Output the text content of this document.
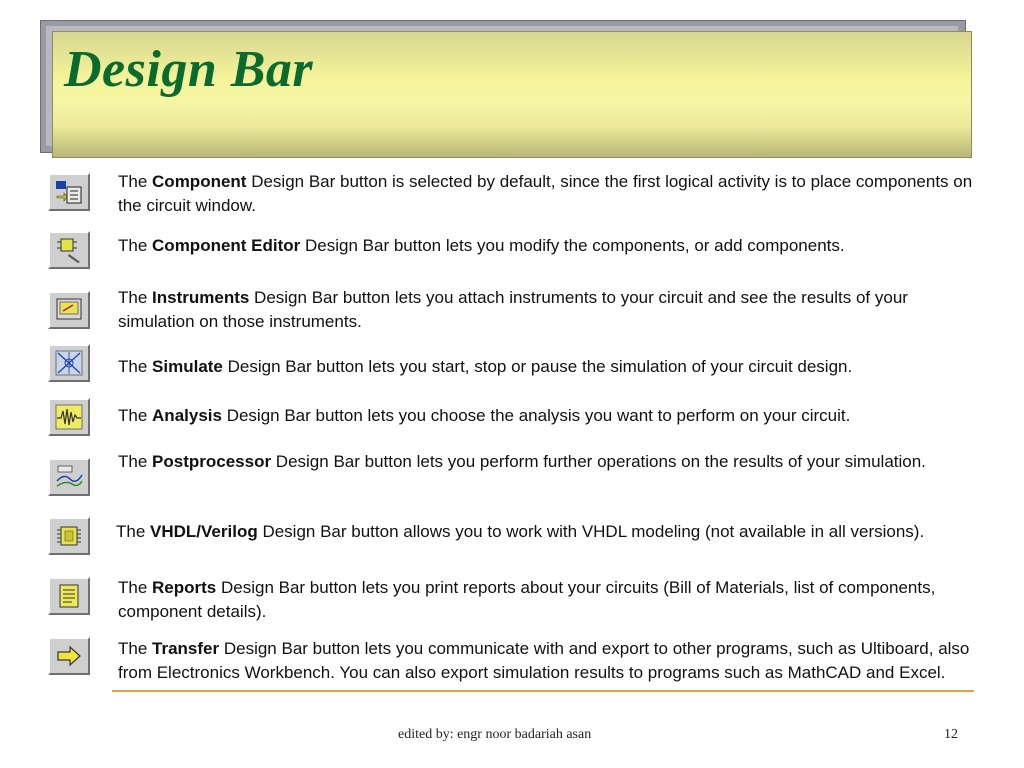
Design Bar
The Component Design Bar button is selected by default, since the first logical activity is to place components on the circuit window.
The Component Editor Design Bar button lets you modify the components, or add components.
The Instruments Design Bar button lets you attach instruments to your circuit and see the results of your simulation on those instruments.
The Simulate Design Bar button lets you start, stop or pause the simulation of your circuit design.
The Analysis Design Bar button lets you choose the analysis you want to perform on your circuit.
The Postprocessor Design Bar button lets you perform further operations on the results of your simulation.
The VHDL/Verilog Design Bar button allows you to work with VHDL modeling (not available in all versions).
The Reports Design Bar button lets you print reports about your circuits (Bill of Materials, list of components, component details).
The Transfer Design Bar button lets you communicate with and export to other programs, such as Ultiboard, also from Electronics Workbench. You can also export simulation results to programs such as MathCAD and Excel.
edited by: engr noor badariah asan	12
